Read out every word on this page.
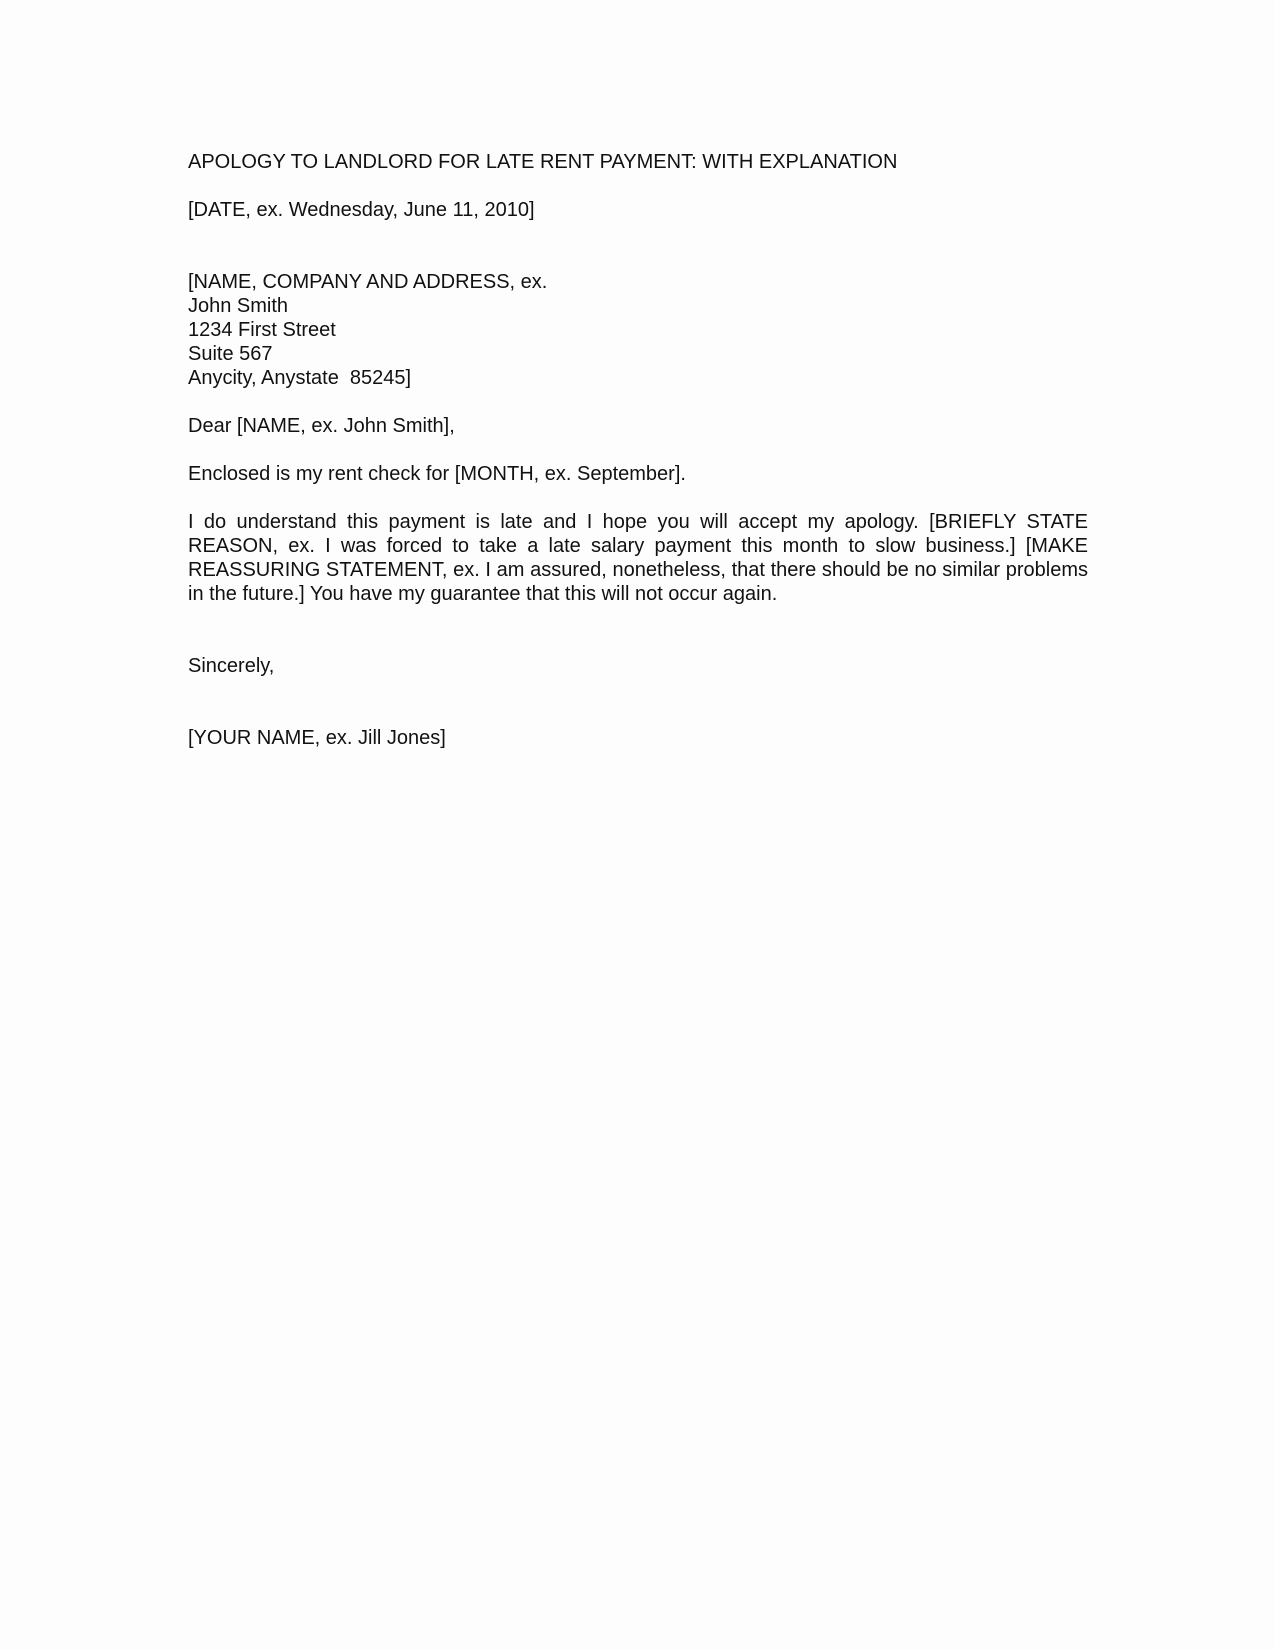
APOLOGY TO LANDLORD FOR LATE RENT PAYMENT: WITH EXPLANATION
[DATE, ex. Wednesday, June 11, 2010]
[NAME, COMPANY AND ADDRESS, ex.
John Smith
1234 First Street
Suite 567
Anycity, Anystate  85245]
Dear [NAME, ex. John Smith],
Enclosed is my rent check for [MONTH, ex. September].
I do understand this payment is late and I hope you will accept my apology. [BRIEFLY STATE REASON, ex. I was forced to take a late salary payment this month to slow business.] [MAKE REASSURING STATEMENT, ex. I am assured, nonetheless, that there should be no similar problems in the future.] You have my guarantee that this will not occur again.
Sincerely,
[YOUR NAME, ex. Jill Jones]
